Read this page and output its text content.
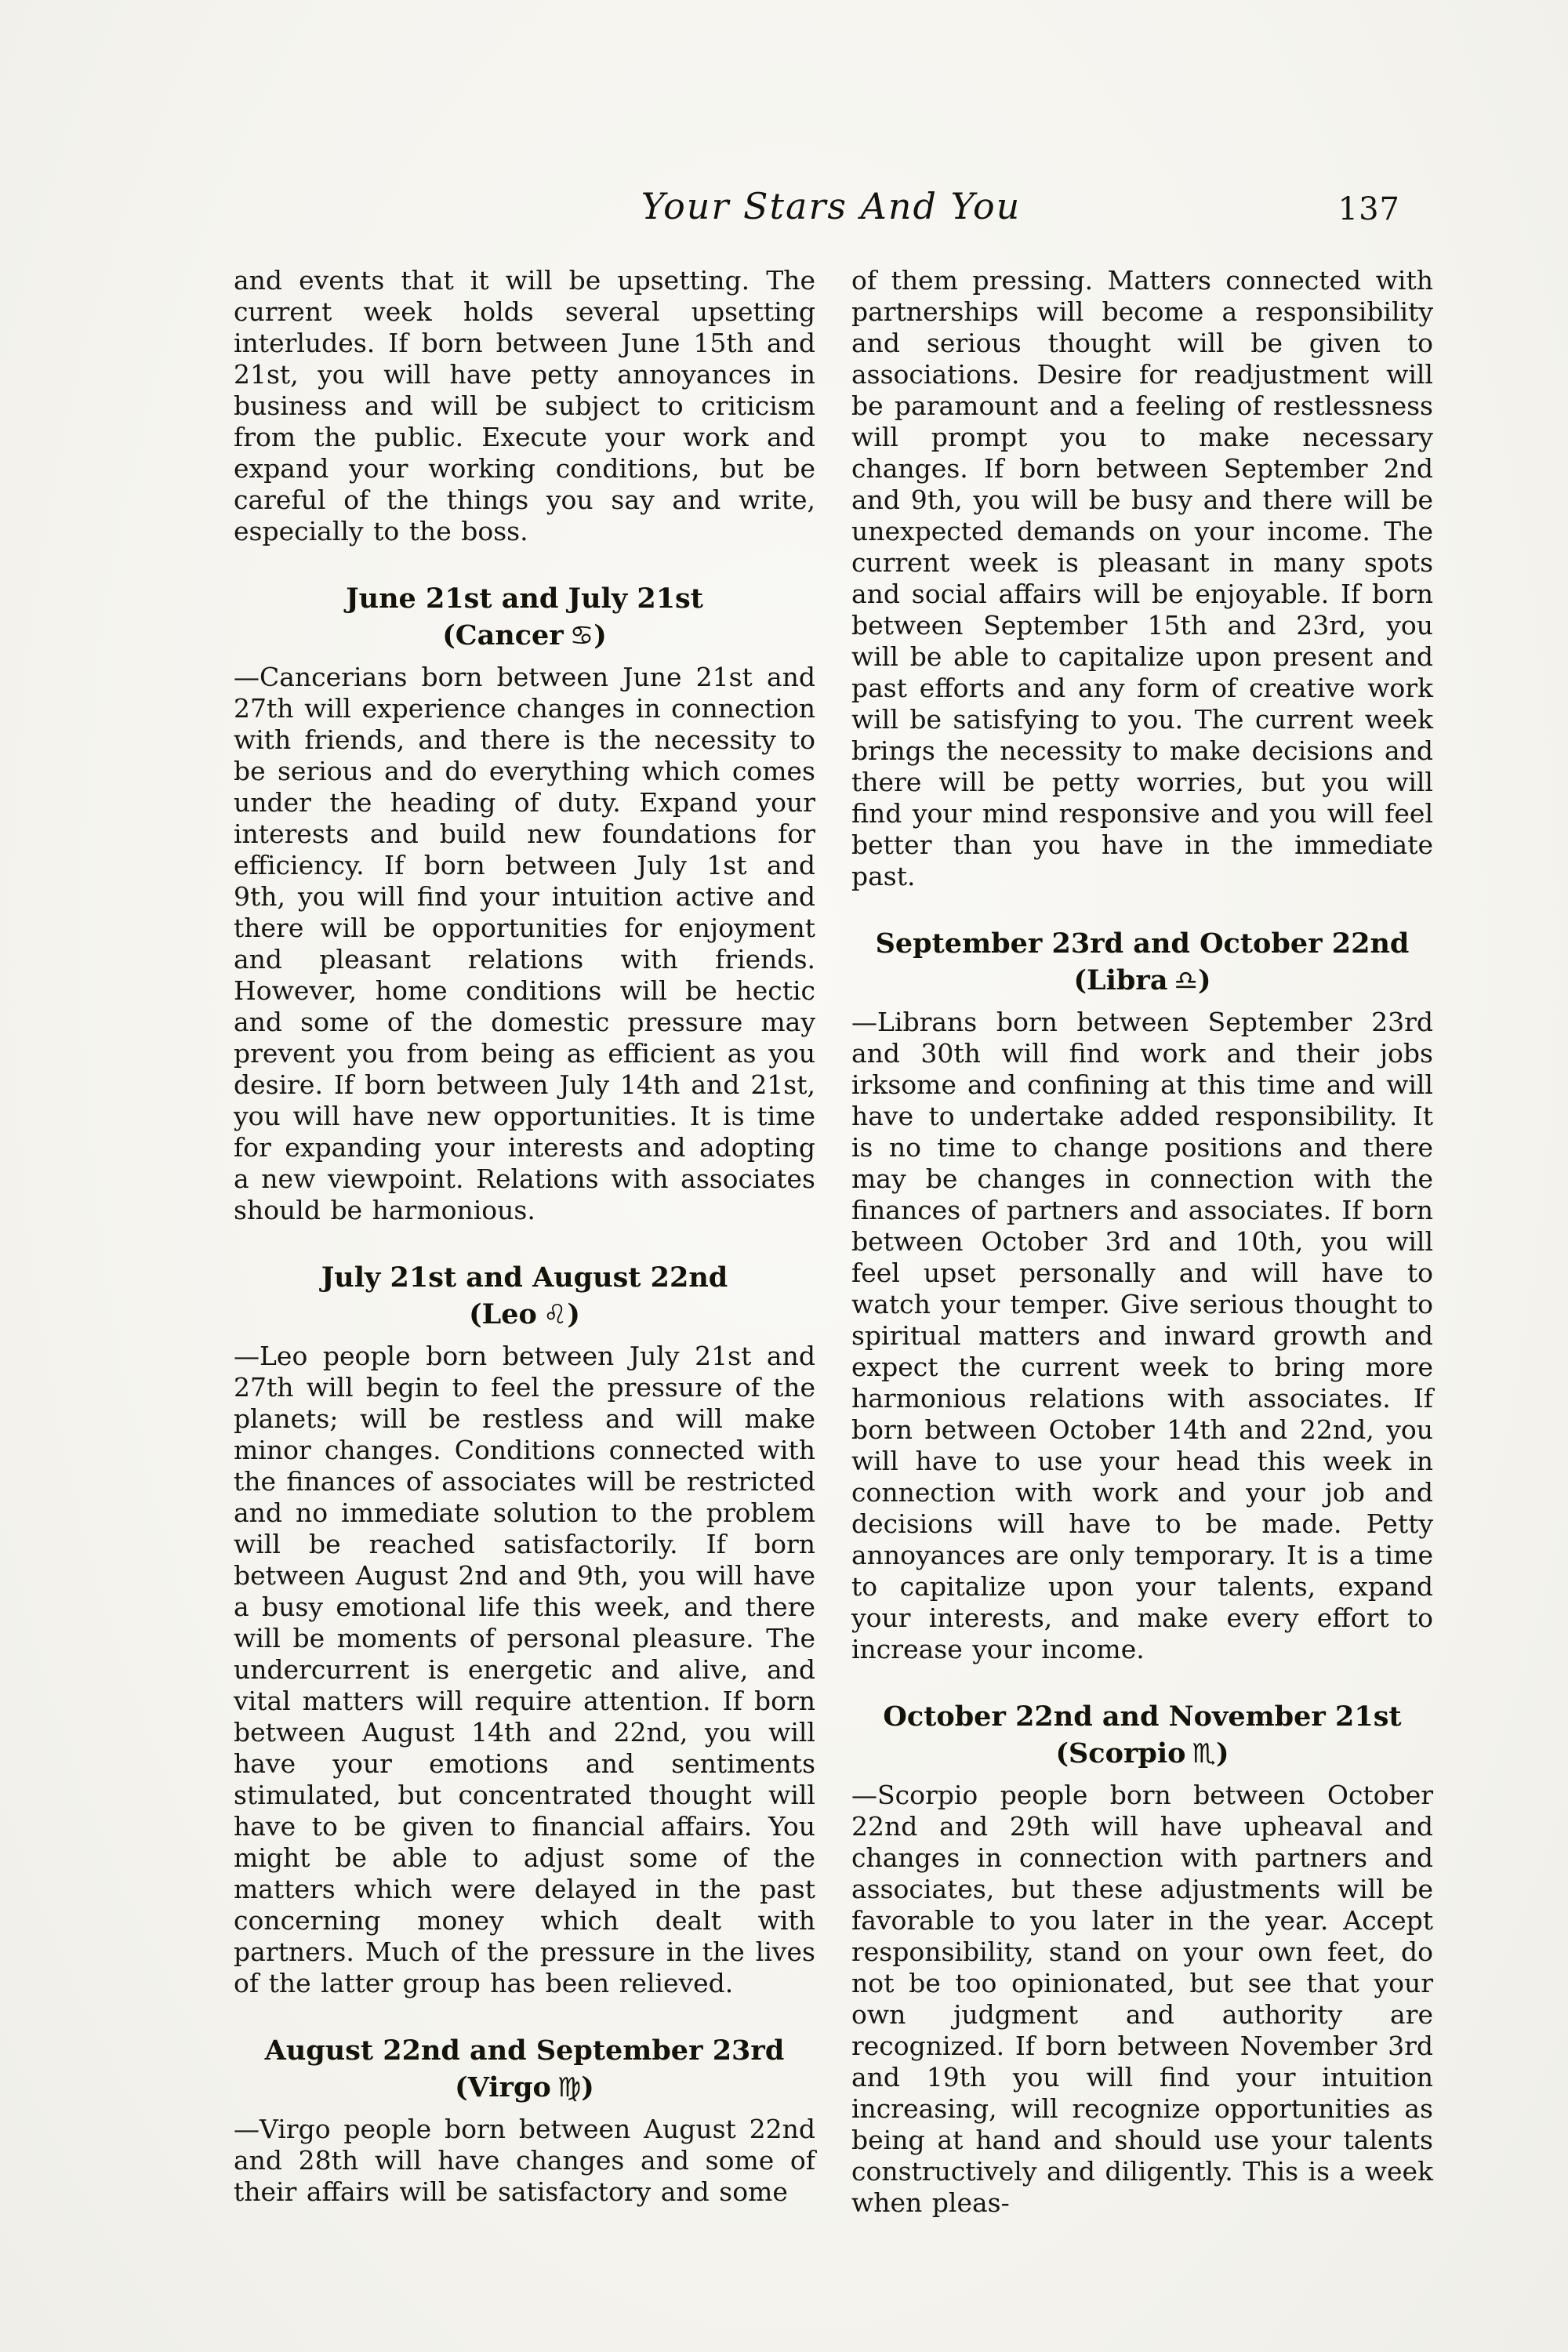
Your Stars And You	137

and events that it will be upsetting. The current week holds several upsetting interludes. If born between June 15th and 21st, you will have petty annoyances in business and will be subject to criticism from the public. Execute your work and expand your working conditions, but be careful of the things you say and write, especially to the boss.

June 21st and July 21st
(Cancer ♋)

—Cancerians born between June 21st and 27th will experience changes in connection with friends, and there is the necessity to be serious and do everything which comes under the heading of duty. Expand your interests and build new foundations for efficiency. If born between July 1st and 9th, you will find your intuition active and there will be opportunities for enjoyment and pleasant relations with friends. However, home conditions will be hectic and some of the domestic pressure may prevent you from being as efficient as you desire. If born between July 14th and 21st, you will have new opportunities. It is time for expanding your interests and adopting a new viewpoint. Relations with associates should be harmonious.

July 21st and August 22nd
(Leo ♌)

—Leo people born between July 21st and 27th will begin to feel the pressure of the planets; will be restless and will make minor changes. Conditions connected with the finances of associates will be restricted and no immediate solution to the problem will be reached satisfactorily. If born between August 2nd and 9th, you will have a busy emotional life this week, and there will be moments of personal pleasure. The undercurrent is energetic and alive, and vital matters will require attention. If born between August 14th and 22nd, you will have your emotions and sentiments stimulated, but concentrated thought will have to be given to financial affairs. You might be able to adjust some of the matters which were delayed in the past concerning money which dealt with partners. Much of the pressure in the lives of the latter group has been relieved.

August 22nd and September 23rd
(Virgo ♍)

—Virgo people born between August 22nd and 28th will have changes and some of their affairs will be satisfactory and some

of them pressing. Matters connected with partnerships will become a responsibility and serious thought will be given to associations. Desire for readjustment will be paramount and a feeling of restlessness will prompt you to make necessary changes. If born between September 2nd and 9th, you will be busy and there will be unexpected demands on your income. The current week is pleasant in many spots and social affairs will be enjoyable. If born between September 15th and 23rd, you will be able to capitalize upon present and past efforts and any form of creative work will be satisfying to you. The current week brings the necessity to make decisions and there will be petty worries, but you will find your mind responsive and you will feel better than you have in the immediate past.

September 23rd and October 22nd
(Libra ♎)

—Librans born between September 23rd and 30th will find work and their jobs irksome and confining at this time and will have to undertake added responsibility. It is no time to change positions and there may be changes in connection with the finances of partners and associates. If born between October 3rd and 10th, you will feel upset personally and will have to watch your temper. Give serious thought to spiritual matters and inward growth and expect the current week to bring more harmonious relations with associates. If born between October 14th and 22nd, you will have to use your head this week in connection with work and your job and decisions will have to be made. Petty annoyances are only temporary. It is a time to capitalize upon your talents, expand your interests, and make every effort to increase your income.

October 22nd and November 21st
(Scorpio ♏)

—Scorpio people born between October 22nd and 29th will have upheaval and changes in connection with partners and associates, but these adjustments will be favorable to you later in the year. Accept responsibility, stand on your own feet, do not be too opinionated, but see that your own judgment and authority are recognized. If born between November 3rd and 19th you will find your intuition increasing, will recognize opportunities as being at hand and should use your talents constructively and diligently. This is a week when pleas-
